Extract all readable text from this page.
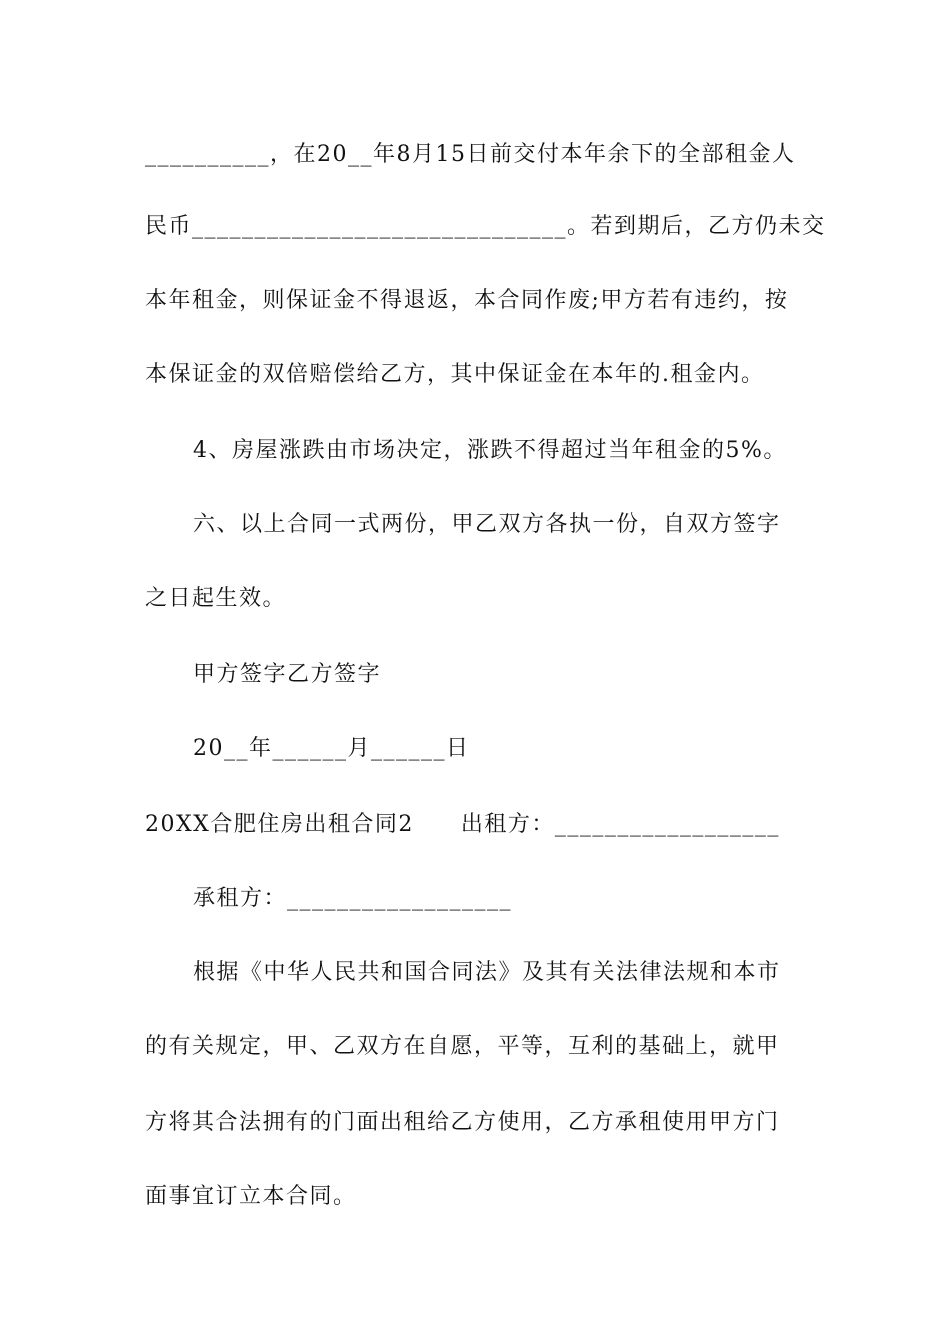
__________，在20__年8月15日前交付本年余下的全部租金人
民币______________________________。若到期后，乙方仍未交
本年租金，则保证金不得退返，本合同作废;甲方若有违约，按
本保证金的双倍赔偿给乙方，其中保证金在本年的.租金内。
4、房屋涨跌由市场决定，涨跌不得超过当年租金的5%。
六、以上合同一式两份，甲乙双方各执一份，自双方签字
之日起生效。
甲方签字乙方签字
20__年______月______日
20XX合肥住房出租合同2　　出租方：__________________
承租方：__________________
根据《中华人民共和国合同法》及其有关法律法规和本市
的有关规定，甲、乙双方在自愿，平等，互利的基础上，就甲
方将其合法拥有的门面出租给乙方使用，乙方承租使用甲方门
面事宜订立本合同。
